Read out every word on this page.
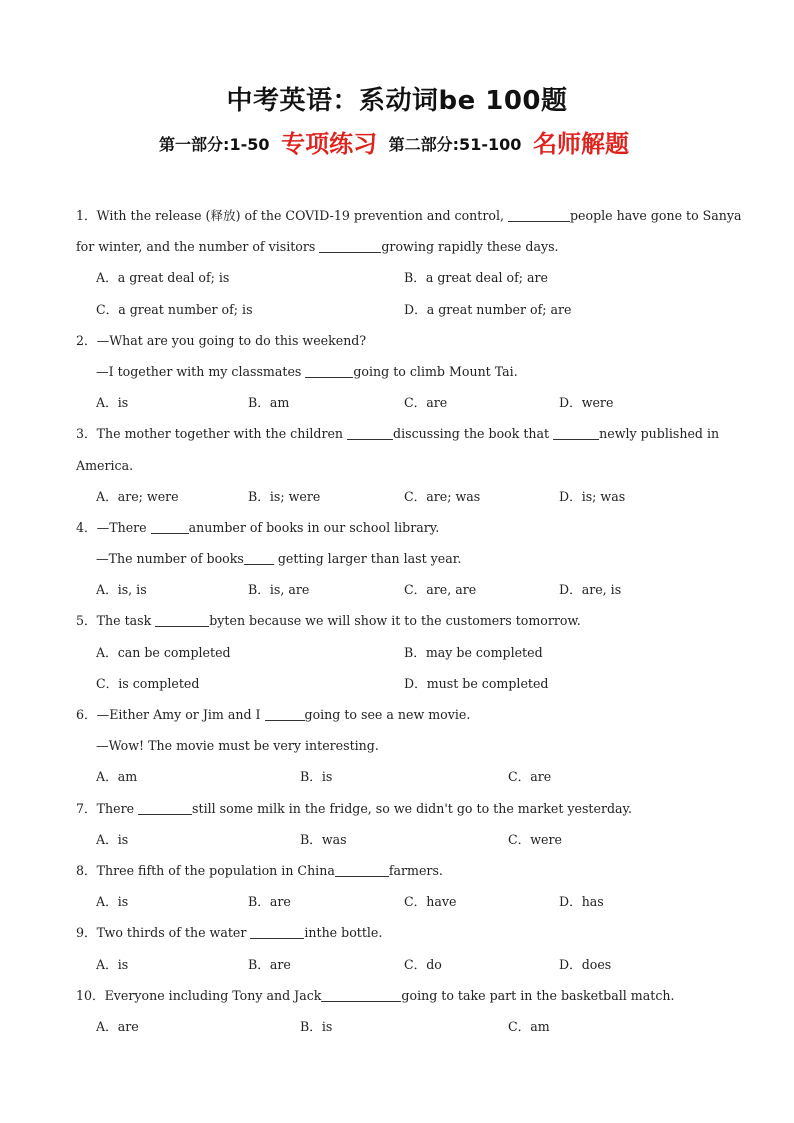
中考英语：系动词be 100题
第一部分:1-50 专项练习 第二部分:51-100 名师解题
1．With the release (释放) of the COVID-19 prevention and control,	people have gone to Sanya
for winter, and the number of visitors	growing rapidly these days.
A．a great deal of; is	B．a great deal of; are
C．a great number of; is	D．a great number of; are
2．—What are you going to do this weekend?
—I together with my classmates	going to climb Mount Tai.
A．is	B．am	C．are	D．were
3．The mother together with the children	discussing the book that	newly published in
America.
A．are; were	B．is; were	C．are; was	D．is; was
4．—There	anumber of books in our school library.
—The number of books getting larger than last year.
A．is, is	B．is, are	C．are, are	D．are, is
5．The task	byten because we will show it to the customers tomorrow.
A．can be completed	B．may be completed
C．is completed	D．must be completed
6．—Either Amy or Jim and I	going to see a new movie.
—Wow! The movie must be very interesting.
A．am	B．is	C．are
7．There	still some milk in the fridge, so we didn't go to the market yesterday.
A．is	B．was	C．were
8．Three fifth of the population in China	farmers.
A．is	B．are	C．have	D．has
9．Two thirds of the water	inthe bottle.
A．is	B．are	C．do	D．does
10．Everyone including Tony and Jack	going to take part in the basketball match.
A．are	B．is	C．am
